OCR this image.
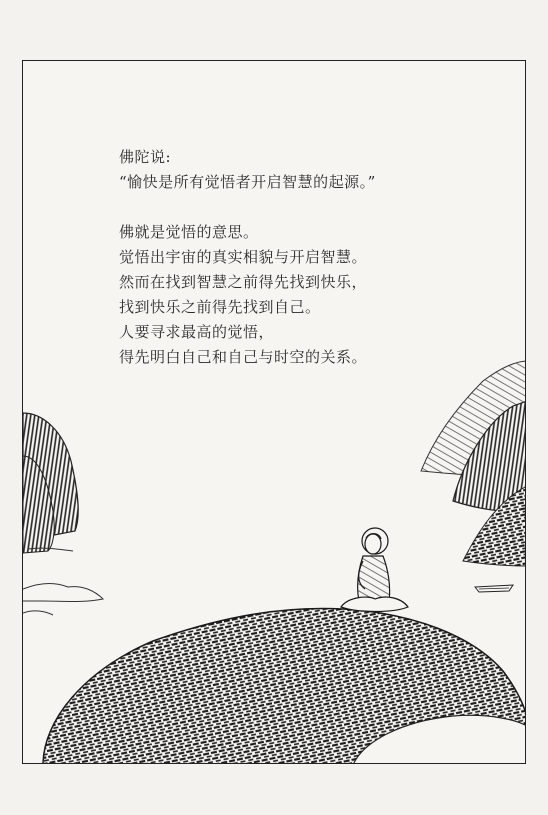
佛陀说:

“愉快是所有觉悟者开启智慧的起源。”

佛就是觉悟的意思。

觉悟出宇宙的真实相貌与开启智慧。

然而在找到智慧之前得先找到快乐，

找到快乐之前得先找到自己。

人要寻求最高的觉悟，

得先明白自己和自己与时空的关系。
